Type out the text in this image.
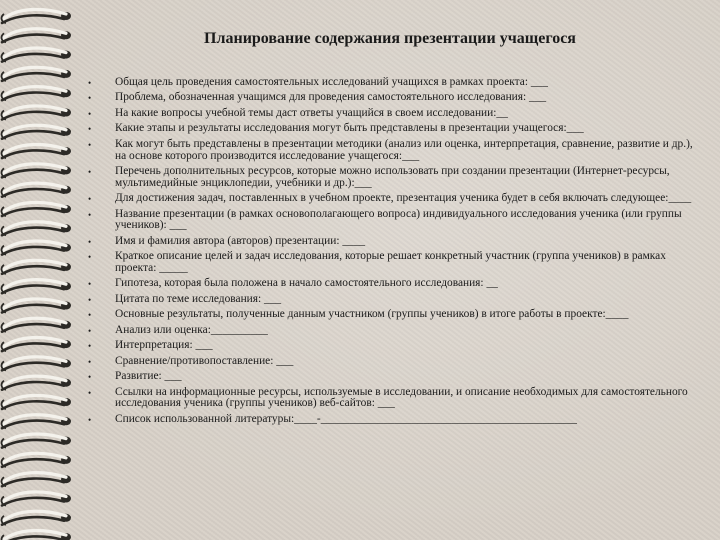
Планирование содержания презентации учащегося
• Общая цель проведения самостоятельных исследований учащихся в рамках проекта: ___
• Проблема, обозначенная учащимся для проведения самостоятельного исследования: ___
• На какие вопросы учебной темы даст ответы учащийся в своем исследовании:__
• Какие этапы и результаты исследования могут быть представлены в презентации учащегося:___
• Как могут быть представлены в презентации методики (анализ или оценка, интерпретация, сравнение, развитие и др.), на основе которого производится исследование учащегося:___
• Перечень дополнительных ресурсов, которые можно использовать при создании презентации (Интернет-ресурсы, мультимедийные энциклопедии, учебники и др.):___
• Для достижения задач, поставленных в учебном проекте, презентация ученика будет в себя включать следующее:____
• Название презентации (в рамках основополагающего вопроса) индивидуального исследования ученика (или группы учеников): ___
• Имя и фамилия автора (авторов) презентации: ____
• Краткое описание целей и задач исследования, которые решает конкретный участник (группа учеников) в рамках проекта: _____
• Гипотеза, которая была положена в начало самостоятельного исследования: __
• Цитата по теме исследования: ___
• Основные результаты, полученные данным участником (группы учеников) в итоге работы в проекте:____
• Анализ или оценка:__________
• Интерпретация: ___
• Сравнение/противопоставление: ___
• Развитие: ___
• Ссылки на информационные ресурсы, используемые в исследовании, и описание необходимых для самостоятельного исследования ученика (группы учеников) веб-сайтов: ___
• Список использованной литературы:____-_____________________________________________
